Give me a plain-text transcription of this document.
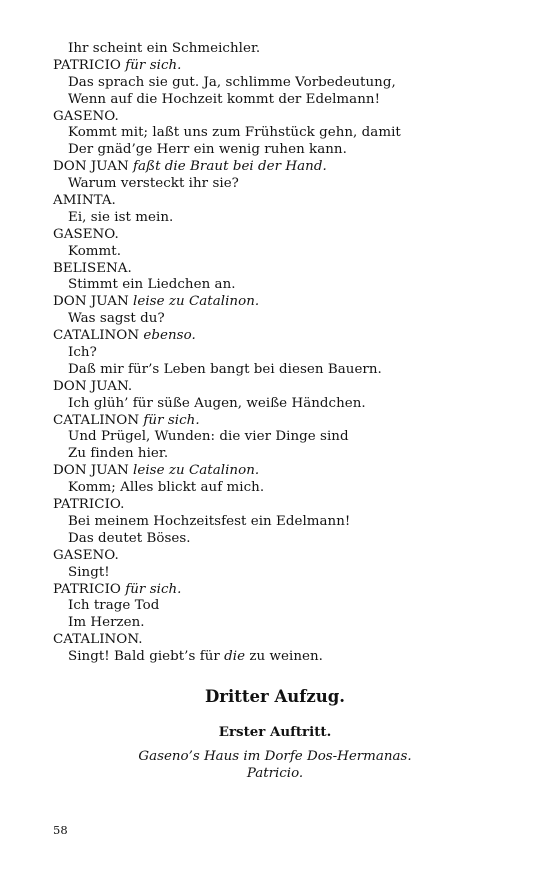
Ihr scheint ein Schmeichler.
PATRICIO für sich.
Das sprach sie gut. Ja, schlimme Vorbedeutung,
Wenn auf die Hochzeit kommt der Edelmann!
GASENO.
Kommt mit; laßt uns zum Frühstück gehn, damit
Der gnäd’ge Herr ein wenig ruhen kann.
DON JUAN faßt die Braut bei der Hand.
Warum versteckt ihr sie?
AMINTA.
Ei, sie ist mein.
GASENO.
Kommt.
BELISENA.
Stimmt ein Liedchen an.
DON JUAN leise zu Catalinon.
Was sagst du?
CATALINON ebenso.
Ich?
Daß mir für’s Leben bangt bei diesen Bauern.
DON JUAN.
Ich glüh’ für süße Augen, weiße Händchen.
CATALINON für sich.
Und Prügel, Wunden: die vier Dinge sind
Zu finden hier.
DON JUAN leise zu Catalinon.
Komm; Alles blickt auf mich.
PATRICIO.
Bei meinem Hochzeitsfest ein Edelmann!
Das deutet Böses.
GASENO.
Singt!
PATRICIO für sich.
Ich trage Tod
Im Herzen.
CATALINON.
Singt! Bald giebt’s für die zu weinen.
Dritter Aufzug.
Erster Auftritt.
Gaseno’s Haus im Dorfe Dos-Hermanas.
Patricio.
58
